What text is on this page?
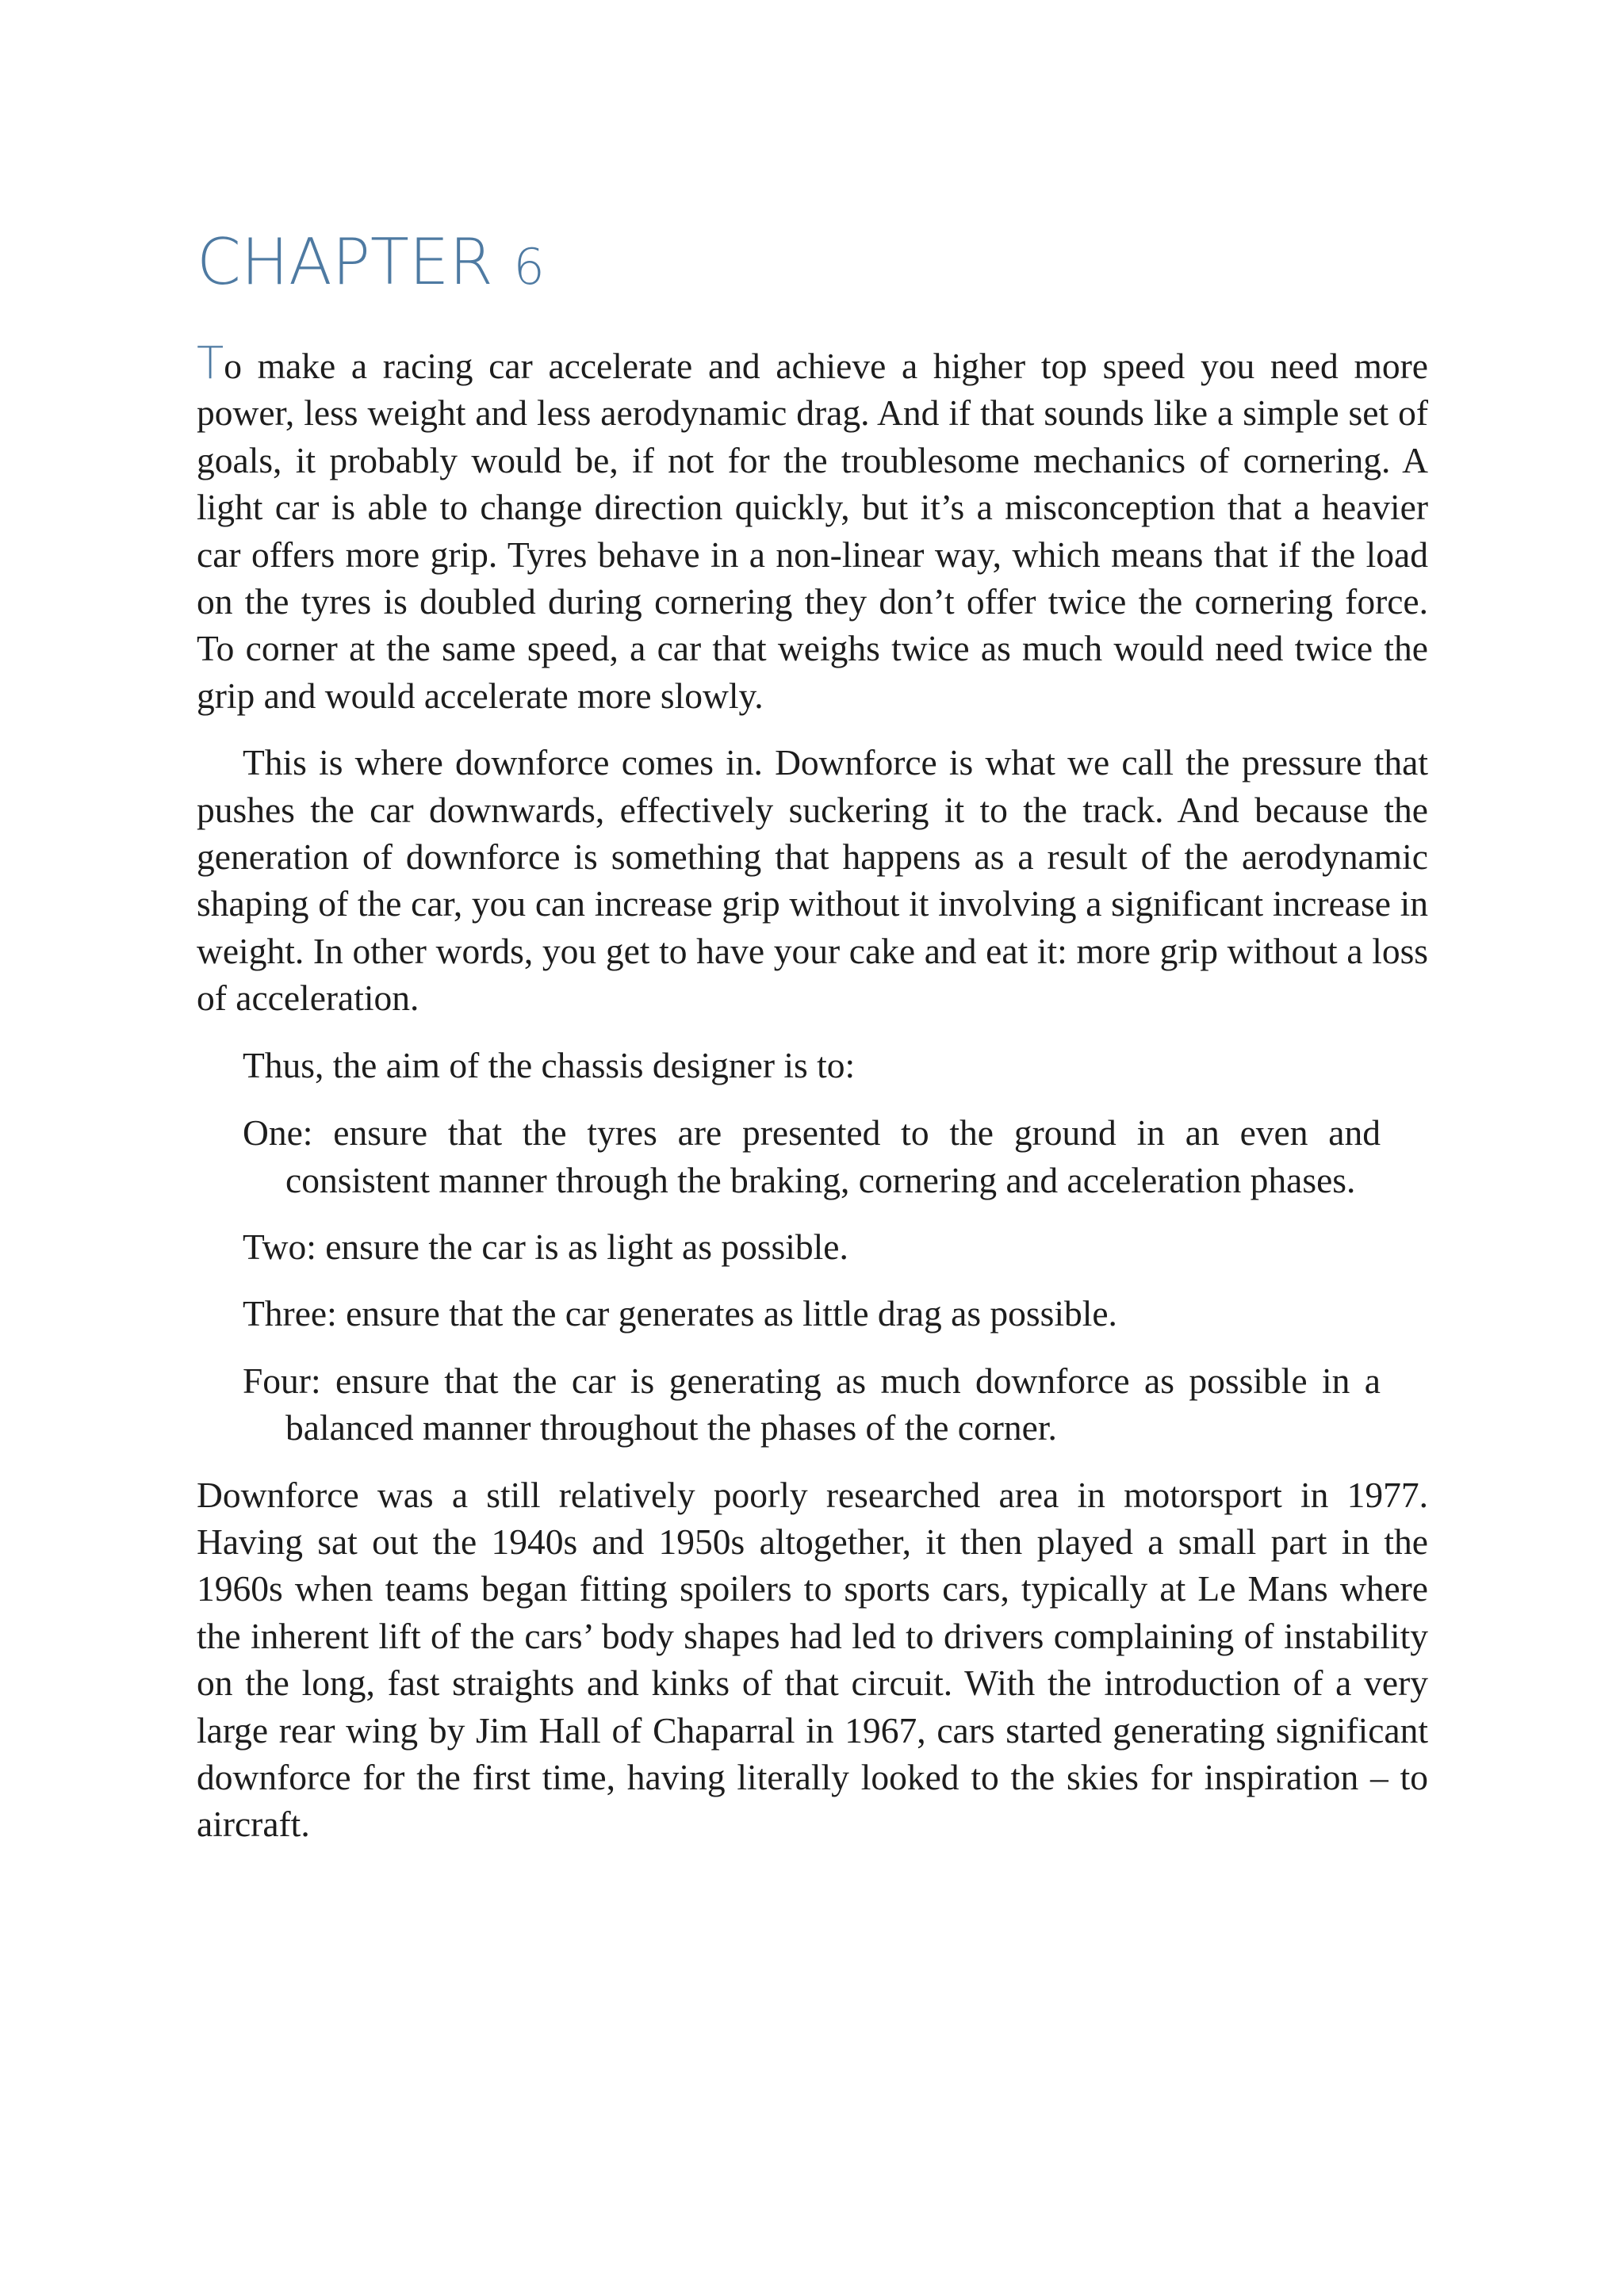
CHAPTER 6

To make a racing car accelerate and achieve a higher top speed you need more power, less weight and less aerodynamic drag. And if that sounds like a simple set of goals, it probably would be, if not for the troublesome mechanics of cornering. A light car is able to change direction quickly, but it’s a misconception that a heavier car offers more grip. Tyres behave in a non-linear way, which means that if the load on the tyres is doubled during cornering they don’t offer twice the cornering force. To corner at the same speed, a car that weighs twice as much would need twice the grip and would accelerate more slowly.

This is where downforce comes in. Downforce is what we call the pressure that pushes the car downwards, effectively suckering it to the track. And because the generation of downforce is something that happens as a result of the aerodynamic shaping of the car, you can increase grip without it involving a significant increase in weight. In other words, you get to have your cake and eat it: more grip without a loss of acceleration.

Thus, the aim of the chassis designer is to:

One: ensure that the tyres are presented to the ground in an even and consistent manner through the braking, cornering and acceleration phases.
Two: ensure the car is as light as possible.
Three: ensure that the car generates as little drag as possible.
Four: ensure that the car is generating as much downforce as possible in a balanced manner throughout the phases of the corner.

Downforce was a still relatively poorly researched area in motorsport in 1977. Having sat out the 1940s and 1950s altogether, it then played a small part in the 1960s when teams began fitting spoilers to sports cars, typically at Le Mans where the inherent lift of the cars’ body shapes had led to drivers complaining of instability on the long, fast straights and kinks of that circuit. With the introduction of a very large rear wing by Jim Hall of Chaparral in 1967, cars started generating significant downforce for the first time, having literally looked to the skies for inspiration – to aircraft.
